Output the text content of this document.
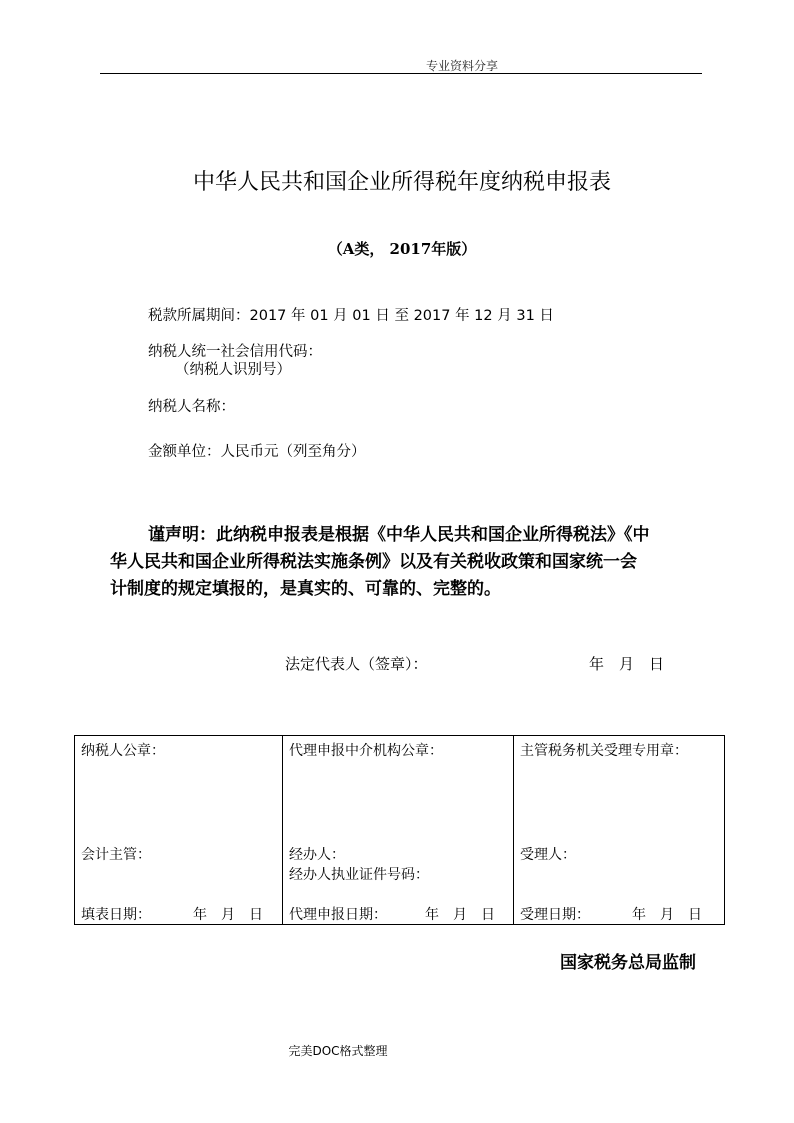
专业资料分享
中华人民共和国企业所得税年度纳税申报表
（A类， 2017年版）
税款所属期间：2017 年 01 月 01 日 至 2017 年 12 月 31 日
纳税人统一社会信用代码：
（纳税人识别号）
纳税人名称：
金额单位：人民币元（列至角分）

谨声明：此纳税申报表是根据《中华人民共和国企业所得税法》《中

华人民共和国企业所得税法实施条例》以及有关税收政策和国家统一会

计制度的规定填报的，是真实的、可靠的、完整的。

法定代表人（签章）：	年　月　日
纳税人公章：
会计主管：
填表日期：	年　月　日

代理申报中介机构公章：
经办人：
经办人执业证件号码：
代理申报日期：	年　月　日

主管税务机关受理专用章：
受理人：
受理日期：	年　月　日
国家税务总局监制
完美DOC格式整理
